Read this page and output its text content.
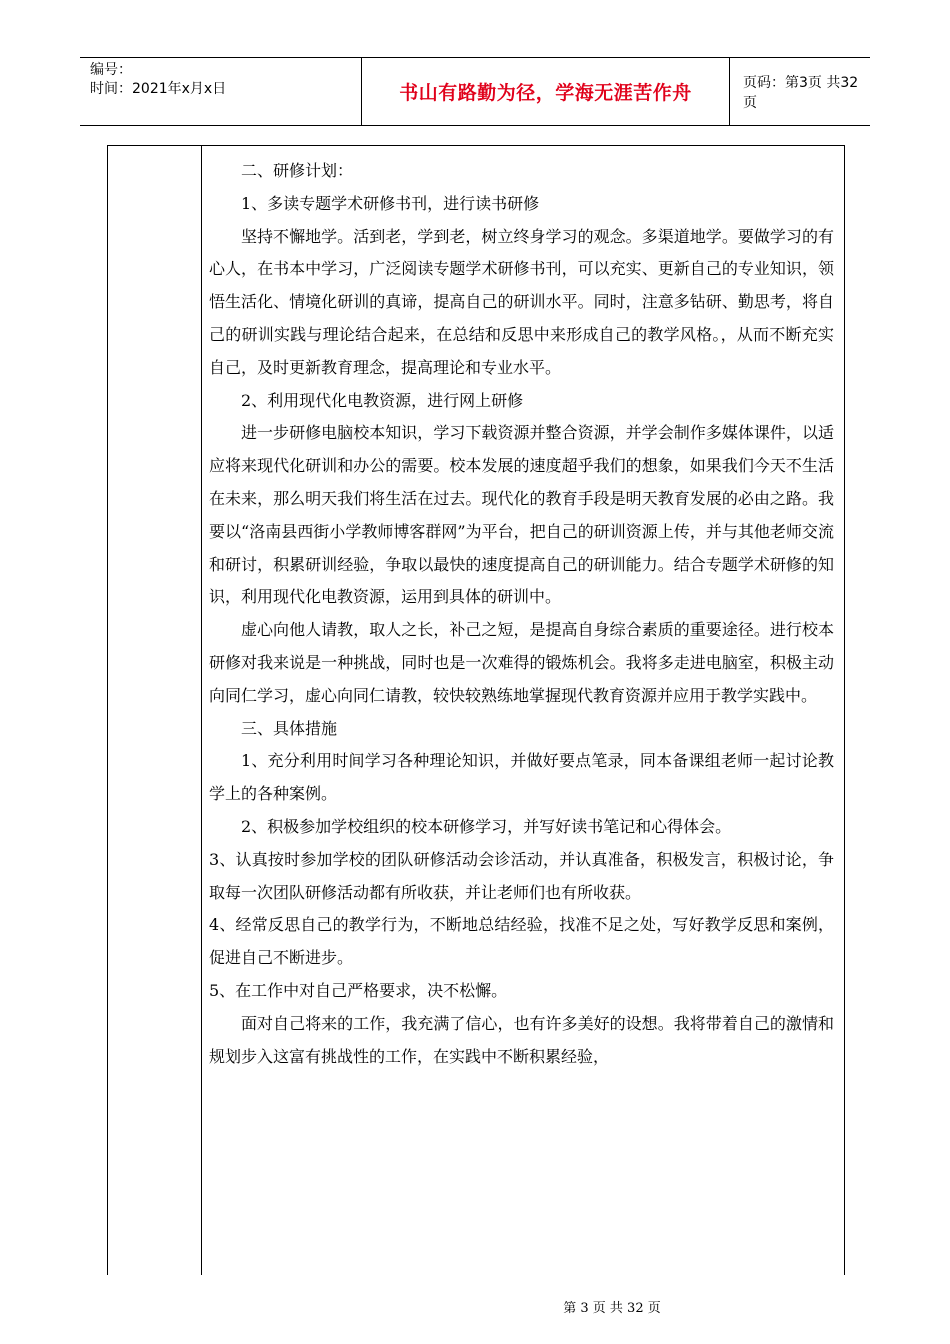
编号：
时间：2021年x月x日	书山有路勤为径，学海无涯苦作舟	页码：第3页 共32页

二、研修计划：

1、多读专题学术研修书刊，进行读书研修

坚持不懈地学。活到老，学到老，树立终身学习的观念。多渠道地学。要做学习的有心人，在书本中学习，广泛阅读专题学术研修书刊，可以充实、更新自己的专业知识，领悟生活化、情境化研训的真谛，提高自己的研训水平。同时，注意多钻研、勤思考，将自己的研训实践与理论结合起来，在总结和反思中来形成自己的教学风格。，从而不断充实自己，及时更新教育理念，提高理论和专业水平。

2、利用现代化电教资源，进行网上研修

进一步研修电脑校本知识，学习下载资源并整合资源，并学会制作多媒体课件，以适应将来现代化研训和办公的需要。校本发展的速度超乎我们的想象，如果我们今天不生活在未来，那么明天我们将生活在过去。现代化的教育手段是明天教育发展的必由之路。我要以“洛南县西街小学教师博客群网”为平台，把自己的研训资源上传，并与其他老师交流和研讨，积累研训经验，争取以最快的速度提高自己的研训能力。结合专题学术研修的知识，利用现代化电教资源，运用到具体的研训中。

虚心向他人请教，取人之长，补己之短，是提高自身综合素质的重要途径。进行校本研修对我来说是一种挑战，同时也是一次难得的锻炼机会。我将多走进电脑室，积极主动向同仁学习，虚心向同仁请教，较快较熟练地掌握现代教育资源并应用于教学实践中。

三、具体措施

1、充分利用时间学习各种理论知识，并做好要点笔录，同本备课组老师一起讨论教学上的各种案例。

2、积极参加学校组织的校本研修学习，并写好读书笔记和心得体会。

3、认真按时参加学校的团队研修活动会诊活动，并认真准备，积极发言，积极讨论，争取每一次团队研修活动都有所收获，并让老师们也有所收获。

4、经常反思自己的教学行为，不断地总结经验，找准不足之处，写好教学反思和案例，促进自己不断进步。

5、在工作中对自己严格要求，决不松懈。

面对自己将来的工作，我充满了信心，也有许多美好的设想。我将带着自己的激情和规划步入这富有挑战性的工作，在实践中不断积累经验，

第 3 页 共 32 页
